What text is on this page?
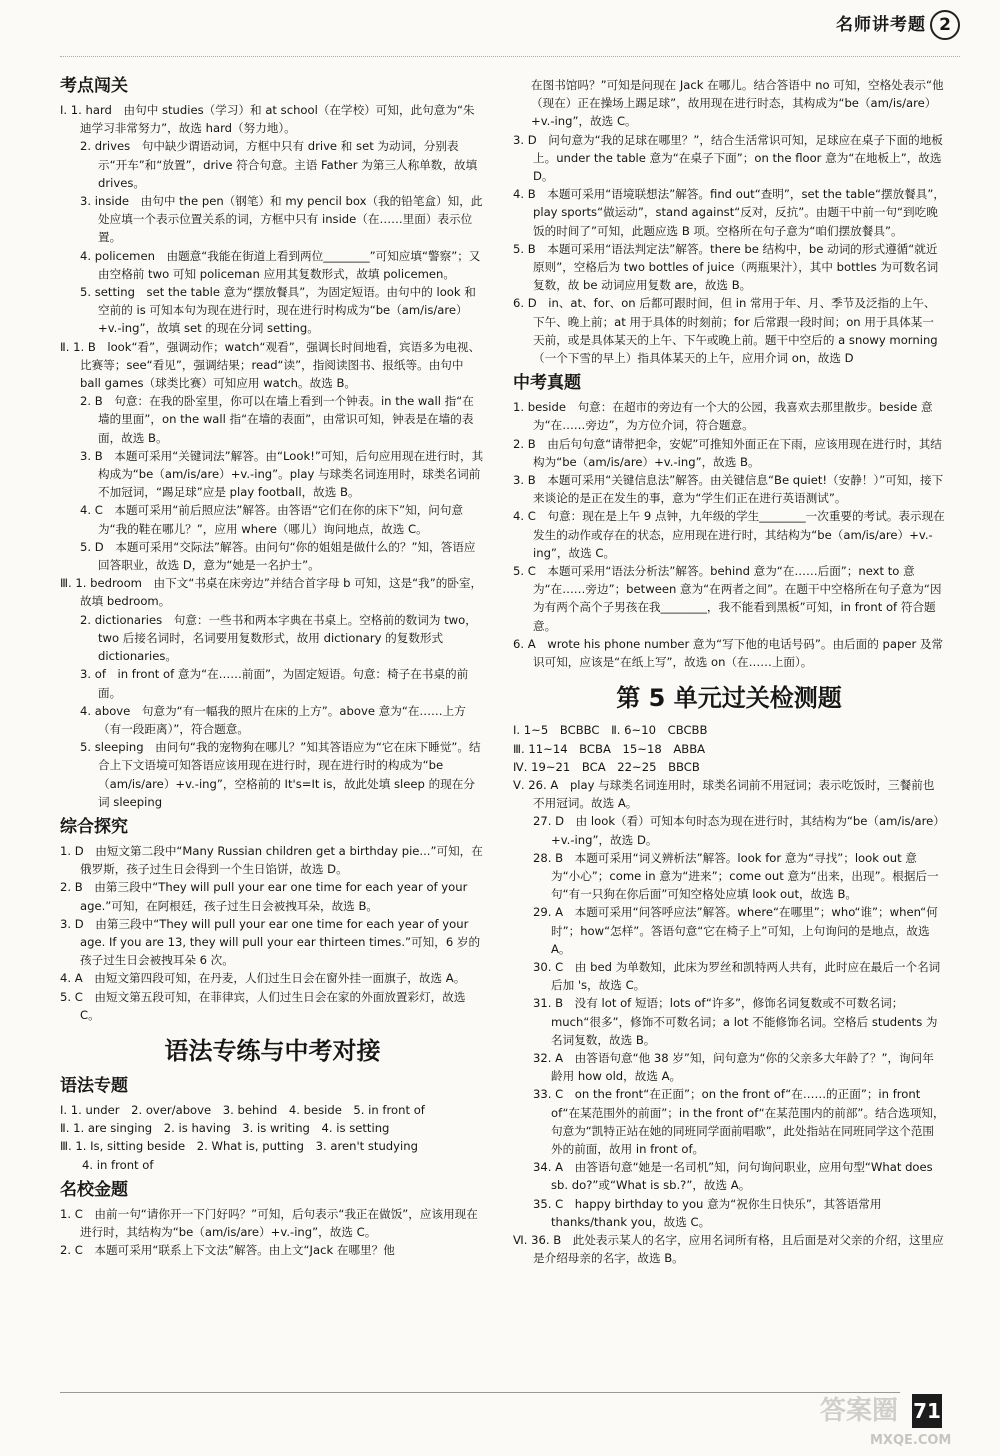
名师讲考题 2
考点闯关

Ⅰ. 1. hard　由句中 studies（学习）和 at school（在学校）可知，此句意为“朱迪学习非常努力”，故选 hard（努力地）。

2. drives　句中缺少谓语动词，方框中只有 drive 和 set 为动词，分别表示“开车”和“放置”，drive 符合句意。主语 Father 为第三人称单数，故填 drives。

3. inside　由句中 the pen（钢笔）和 my pencil box（我的铅笔盒）知，此处应填一个表示位置关系的词，方框中只有 inside（在……里面）表示位置。

4. policemen　由题意“我能在街道上看到两位________”可知应填“警察”；又由空格前 two 可知 policeman 应用其复数形式，故填 policemen。

5. setting　set the table 意为“摆放餐具”，为固定短语。由句中的 look 和空前的 is 可知本句为现在进行时，现在进行时构成为“be（am/is/are）+v.-ing”，故填 set 的现在分词 setting。

Ⅱ. 1. B　look“看”，强调动作；watch“观看”，强调长时间地看，宾语多为电视、比赛等；see“看见”，强调结果；read“读”，指阅读图书、报纸等。由句中 ball games（球类比赛）可知应用 watch。故选 B。

2. B　句意：在我的卧室里，你可以在墙上看到一个钟表。in the wall 指“在墙的里面”，on the wall 指“在墙的表面”，由常识可知，钟表是在墙的表面，故选 B。

3. B　本题可采用“关键词法”解答。由“Look!”可知，后句应用现在进行时，其构成为“be（am/is/are）+v.-ing”。play 与球类名词连用时，球类名词前不加冠词，“踢足球”应是 play football，故选 B。

4. C　本题可采用“前后照应法”解答。由答语“它们在你的床下”知，问句意为“我的鞋在哪儿？”，应用 where（哪儿）询问地点，故选 C。

5. D　本题可采用“交际法”解答。由问句“你的姐姐是做什么的？”知，答语应回答职业，故选 D，意为“她是一名护士”。

Ⅲ. 1. bedroom　由下文“书桌在床旁边”并结合首字母 b 可知，这是“我”的卧室，故填 bedroom。

2. dictionaries　句意：一些书和两本字典在书桌上。空格前的数词为 two，two 后接名词时，名词要用复数形式，故用 dictionary 的复数形式 dictionaries。

3. of　in front of 意为“在……前面”，为固定短语。句意：椅子在书桌的前面。

4. above　句意为“有一幅我的照片在床的上方”。above 意为“在……上方（有一段距离）”，符合题意。

5. sleeping　由问句“我的宠物狗在哪儿？”知其答语应为“它在床下睡觉”。结合上下文语境可知答语应该用现在进行时，现在进行时的构成为“be（am/is/are）+v.-ing”，空格前的 It's=It is，故此处填 sleep 的现在分词 sleeping

综合探究

1. D　由短文第二段中“Many Russian children get a birthday pie...”可知，在俄罗斯，孩子过生日会得到一个生日馅饼，故选 D。

2. B　由第三段中“They will pull your ear one time for each year of your age.”可知，在阿根廷，孩子过生日会被拽耳朵，故选 B。

3. D　由第三段中“They will pull your ear one time for each year of your age. If you are 13, they will pull your ear thirteen times.”可知，6 岁的孩子过生日会被拽耳朵 6 次。

4. A　由短文第四段可知，在丹麦，人们过生日会在窗外挂一面旗子，故选 A。

5. C　由短文第五段可知，在菲律宾，人们过生日会在家的外面放置彩灯，故选 C。

语法专练与中考对接
语法专题

Ⅰ. 1. under　2. over/above　3. behind　4. beside　5. in front of

Ⅱ. 1. are singing　2. is having　3. is writing　4. is setting

Ⅲ. 1. Is, sitting beside　2. What is, putting　3. aren't studying

4. in front of

名校金题

1. C　由前一句“请你开一下门好吗？”可知，后句表示“我正在做饭”，应该用现在进行时，其结构为“be（am/is/are）+v.-ing”，故选 C。

2. C　本题可采用“联系上下文法”解答。由上文“Jack 在哪里？他

在图书馆吗？”可知是问现在 Jack 在哪儿。结合答语中 no 可知，空格处表示“他（现在）正在操场上踢足球”，故用现在进行时态，其构成为“be（am/is/are）+v.-ing”，故选 C。

3. D　问句意为“我的足球在哪里？”，结合生活常识可知，足球应在桌子下面的地板上。under the table 意为“在桌子下面”；on the floor 意为“在地板上”，故选 D。

4. B　本题可采用“语境联想法”解答。find out“查明”，set the table“摆放餐具”，play sports“做运动”，stand against“反对，反抗”。由题干中前一句“到吃晚饭的时间了”可知，此题应选 B 项。空格所在句子意为“咱们摆放餐具”。

5. B　本题可采用“语法判定法”解答。there be 结构中，be 动词的形式遵循“就近原则”，空格后为 two bottles of juice（两瓶果汁），其中 bottles 为可数名词复数，故 be 动词应用复数 are，故选 B。

6. D　in、at、for、on 后都可跟时间，但 in 常用于年、月、季节及泛指的上午、下午、晚上前；at 用于具体的时刻前；for 后常跟一段时间；on 用于具体某一天前，或是具体某天的上午、下午或晚上前。题干中空后的 a snowy morning（一个下雪的早上）指具体某天的上午，应用介词 on，故选 D

中考真题

1. beside　句意：在超市的旁边有一个大的公园，我喜欢去那里散步。beside 意为“在……旁边”，为方位介词，符合题意。

2. B　由后句句意“请带把伞，安妮”可推知外面正在下雨，应该用现在进行时，其结构为“be（am/is/are）+v.-ing”，故选 B。

3. B　本题可采用“关键信息法”解答。由关键信息“Be quiet!（安静！）”可知，接下来谈论的是正在发生的事，意为“学生们正在进行英语测试”。

4. C　句意：现在是上午 9 点钟，九年级的学生________一次重要的考试。表示现在发生的动作或存在的状态，应用现在进行时，其结构为“be（am/is/are）+v.-ing”，故选 C。

5. C　本题可采用“语法分析法”解答。behind 意为“在……后面”；next to 意为“在……旁边”；between 意为“在两者之间”。在题干中空格所在句子意为“因为有两个高个子男孩在我________，我不能看到黑板”可知，in front of 符合题意。

6. A　wrote his phone number 意为“写下他的电话号码”。由后面的 paper 及常识可知，应该是“在纸上写”，故选 on（在……上面）。

第 5 单元过关检测题

Ⅰ. 1~5　BCBBC　Ⅱ. 6~10　CBCBB

Ⅲ. 11~14　BCBA　15~18　ABBA

Ⅳ. 19~21　BCA　22~25　BBCB

Ⅴ. 26. A　play 与球类名词连用时，球类名词前不用冠词；表示吃饭时，三餐前也不用冠词。故选 A。

27. D　由 look（看）可知本句时态为现在进行时，其结构为“be（am/is/are）+v.-ing”，故选 D。

28. B　本题可采用“词义辨析法”解答。look for 意为“寻找”；look out 意为“小心”；come in 意为“进来”；come out 意为“出来，出现”。根据后一句“有一只狗在你后面”可知空格处应填 look out，故选 B。

29. A　本题可采用“问答呼应法”解答。where“在哪里”；who“谁”；when“何时”；how“怎样”。答语句意“它在椅子上”可知，上句询问的是地点，故选 A。

30. C　由 bed 为单数知，此床为罗丝和凯特两人共有，此时应在最后一个名词后加 's，故选 C。

31. B　没有 lot of 短语；lots of“许多”，修饰名词复数或不可数名词；much“很多”，修饰不可数名词；a lot 不能修饰名词。空格后 students 为名词复数，故选 B。

32. A　由答语句意“他 38 岁”知，问句意为“你的父亲多大年龄了？”，询问年龄用 how old，故选 A。

33. C　on the front“在正面”；on the front of“在……的正面”；in front of“在某范围外的前面”；in the front of“在某范围内的前部”。结合选项知，句意为“凯特正站在她的同班同学面前唱歌”，此处指站在同班同学这个范围外的前面，故用 in front of。

34. A　由答语句意“她是一名司机”知，问句询问职业，应用句型“What does sb. do?”或“What is sb.?”，故选 A。

35. C　happy birthday to you 意为“祝你生日快乐”，其答语常用 thanks/thank you，故选 C。

Ⅵ. 36. B　此处表示某人的名字，应用名词所有格，且后面是对父亲的介绍，这里应是介绍母亲的名字，故选 B。

71
答案圈
MXQE.COM
